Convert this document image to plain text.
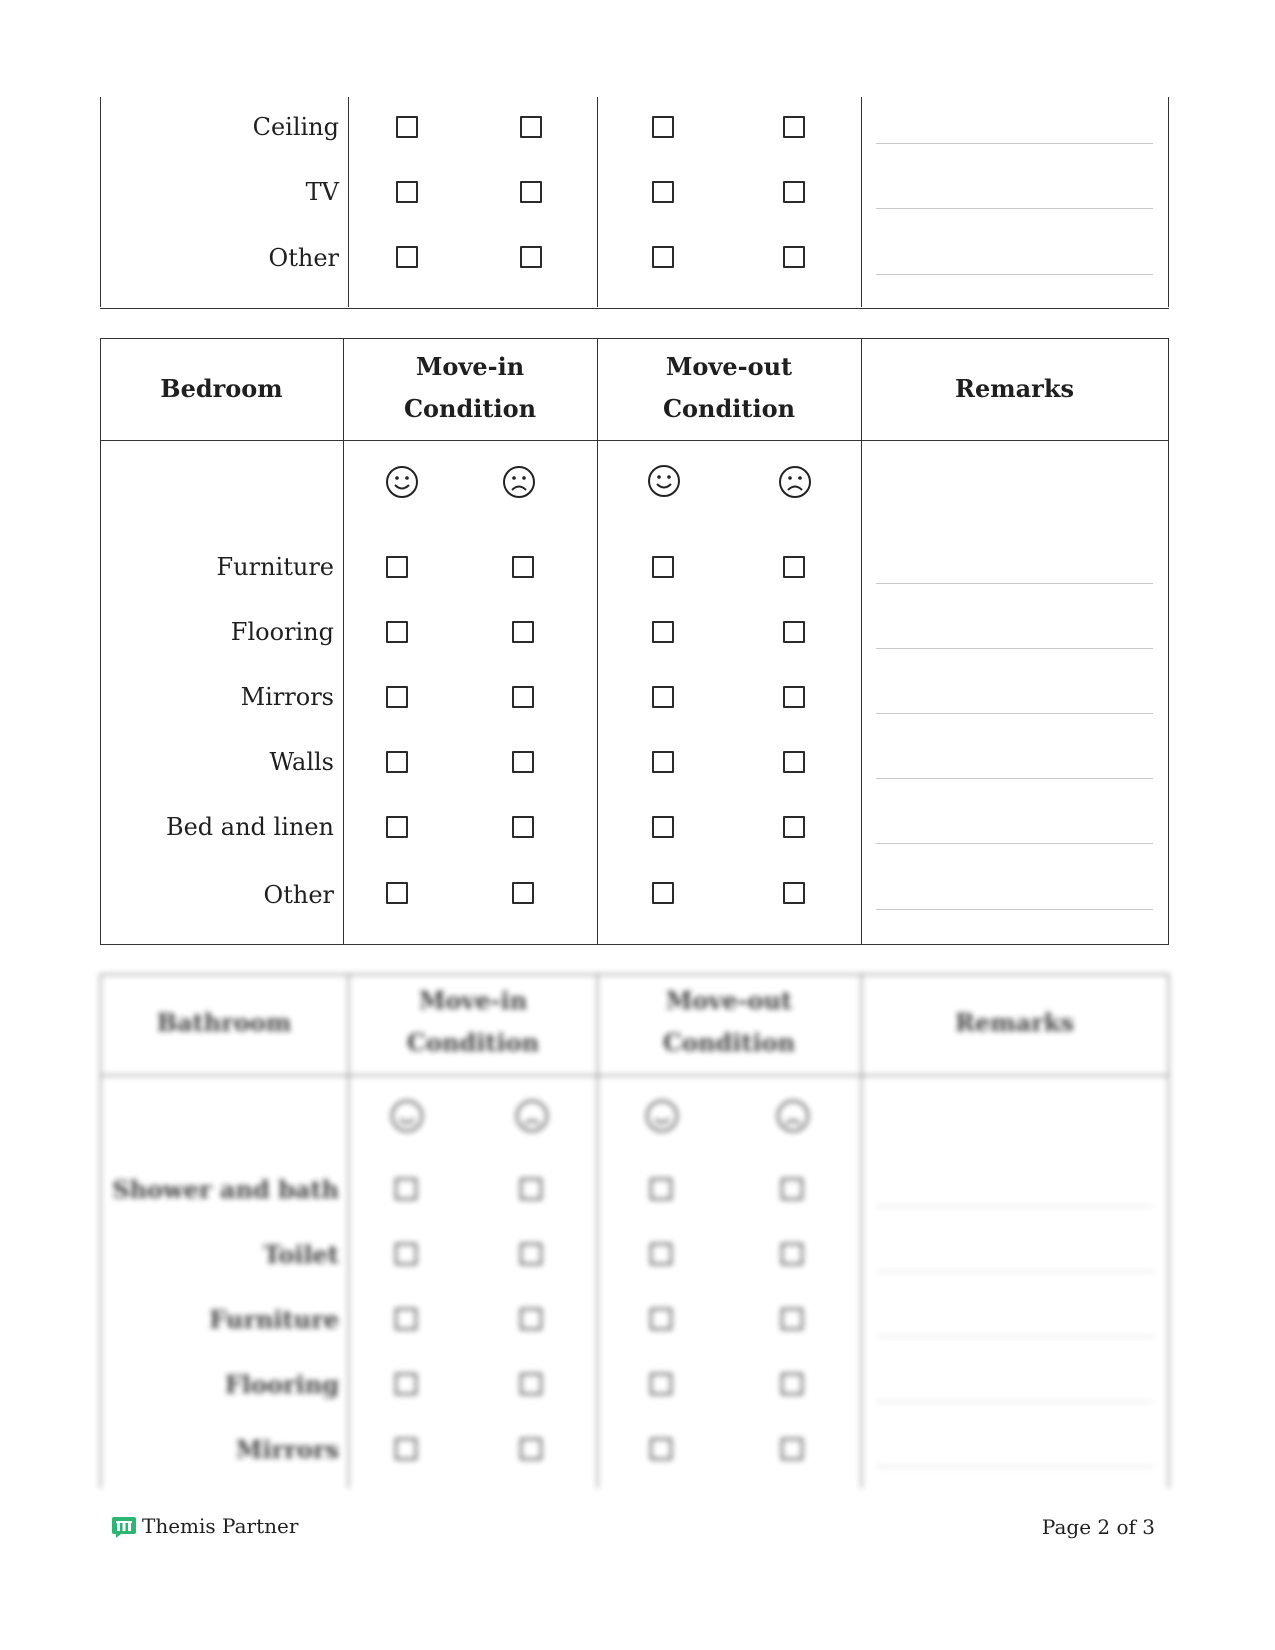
Ceiling
TV
Other
Bedroom
Move-in Condition
Move-out Condition
Remarks
Furniture
Flooring
Mirrors
Walls
Bed and linen
Other
Bathroom
Move-in Condition
Move-out Condition
Remarks
Shower and bath
Toilet
Furniture
Flooring
Mirrors
Themis Partner	Page 2 of 3
